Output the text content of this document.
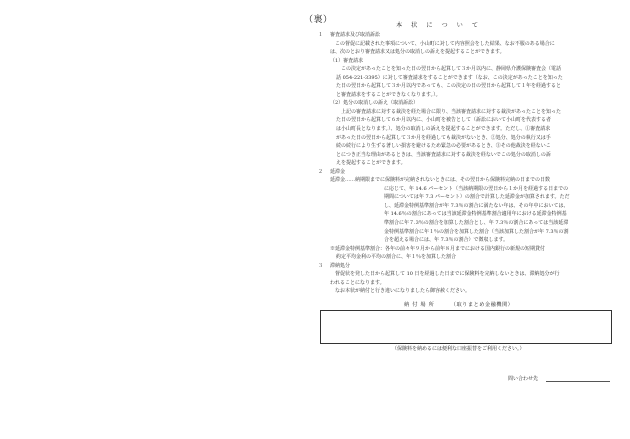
（裏）
本状について
１	審査請求及び取消訴訟
この督促に記載された事項について、小山町に対して内容照会をした結果、なお不服のある場合に
は、次のとおり審査請求又は処分の取消しの訴えを提起することができます。
（1）審査請求
この決定があったことを知った日の翌日から起算して３か月以内に、静岡県介護保険審査会（電話
話 054-221-3395）に対して審査請求をすることができます（なお、この決定があったことを知った
た日の翌日から起算して３か月以内であっても、この決定の日の翌日から起算して１年を経過すると
と審査請求をすることができなくなります。）。
（2）処分の取消しの訴え（取消訴訟）
上記の審査請求に対する裁決を経た場合に限り、当該審査請求に対する裁決があったことを知った
た日の翌日から起算して６か月以内に、小山町を被告として（訴訟において小山町を代表する者
は小山町長となります。）、処分の取消しの訴えを提起することができます。ただし、①審査請求
があった日の翌日から起算して３か月を経過しても裁決がないとき、②処分、処分の執行又は手
続の続行により生ずる著しい損害を避けるため緊急の必要があるとき、③その他裁決を経ないこ
とにつき正当な理由があるときは、当該審査請求に対する裁決を経ないでこの処分の取消しの訴
えを提起することができます。
２	延滞金
延滞金……納期限までに保険料が完納されないときには、その翌日から保険料完納の日までの日数
に応じて、年 14.6 パーセント（当該納期限の翌日から１か月を経過する日までの
期間については年 7.3 パーセント）の割合で計算した延滞金が加算されます。ただ
し、延滞金特例基準割合が年 7.3％の割合に満たない年は、その年中においては、
年 14.6％の割合にあっては当該延滞金特例基準割合適用年における延滞金特例基
準割合に年７.3％の割合を加算した割合とし、年 7.3％の割合にあっては当該延滞
金特例基準割合に年１％の割合を加算した割合（当該加算した割合が年 7.3％の割
合を超える場合には、年 7.3％の割合）で徴収します。
※延滞金特例基準割合：各年の前々年９月から前年８月までにおける国内銀行の新規の短期貸付
約定平均金利の平均の割合に、年１％を加算した割合
３	滞納処分
督促状を発した日から起算して 10 日を経過した日までに保険料を完納しないときは、滞納処分が行
われることになります。
なお本状が納付と行き違いになりましたら御容赦ください。
納付場所	（取りまとめ金融機関）
（保険料を納めるには便利な口座振替をご利用ください。）
問い合わせ先
